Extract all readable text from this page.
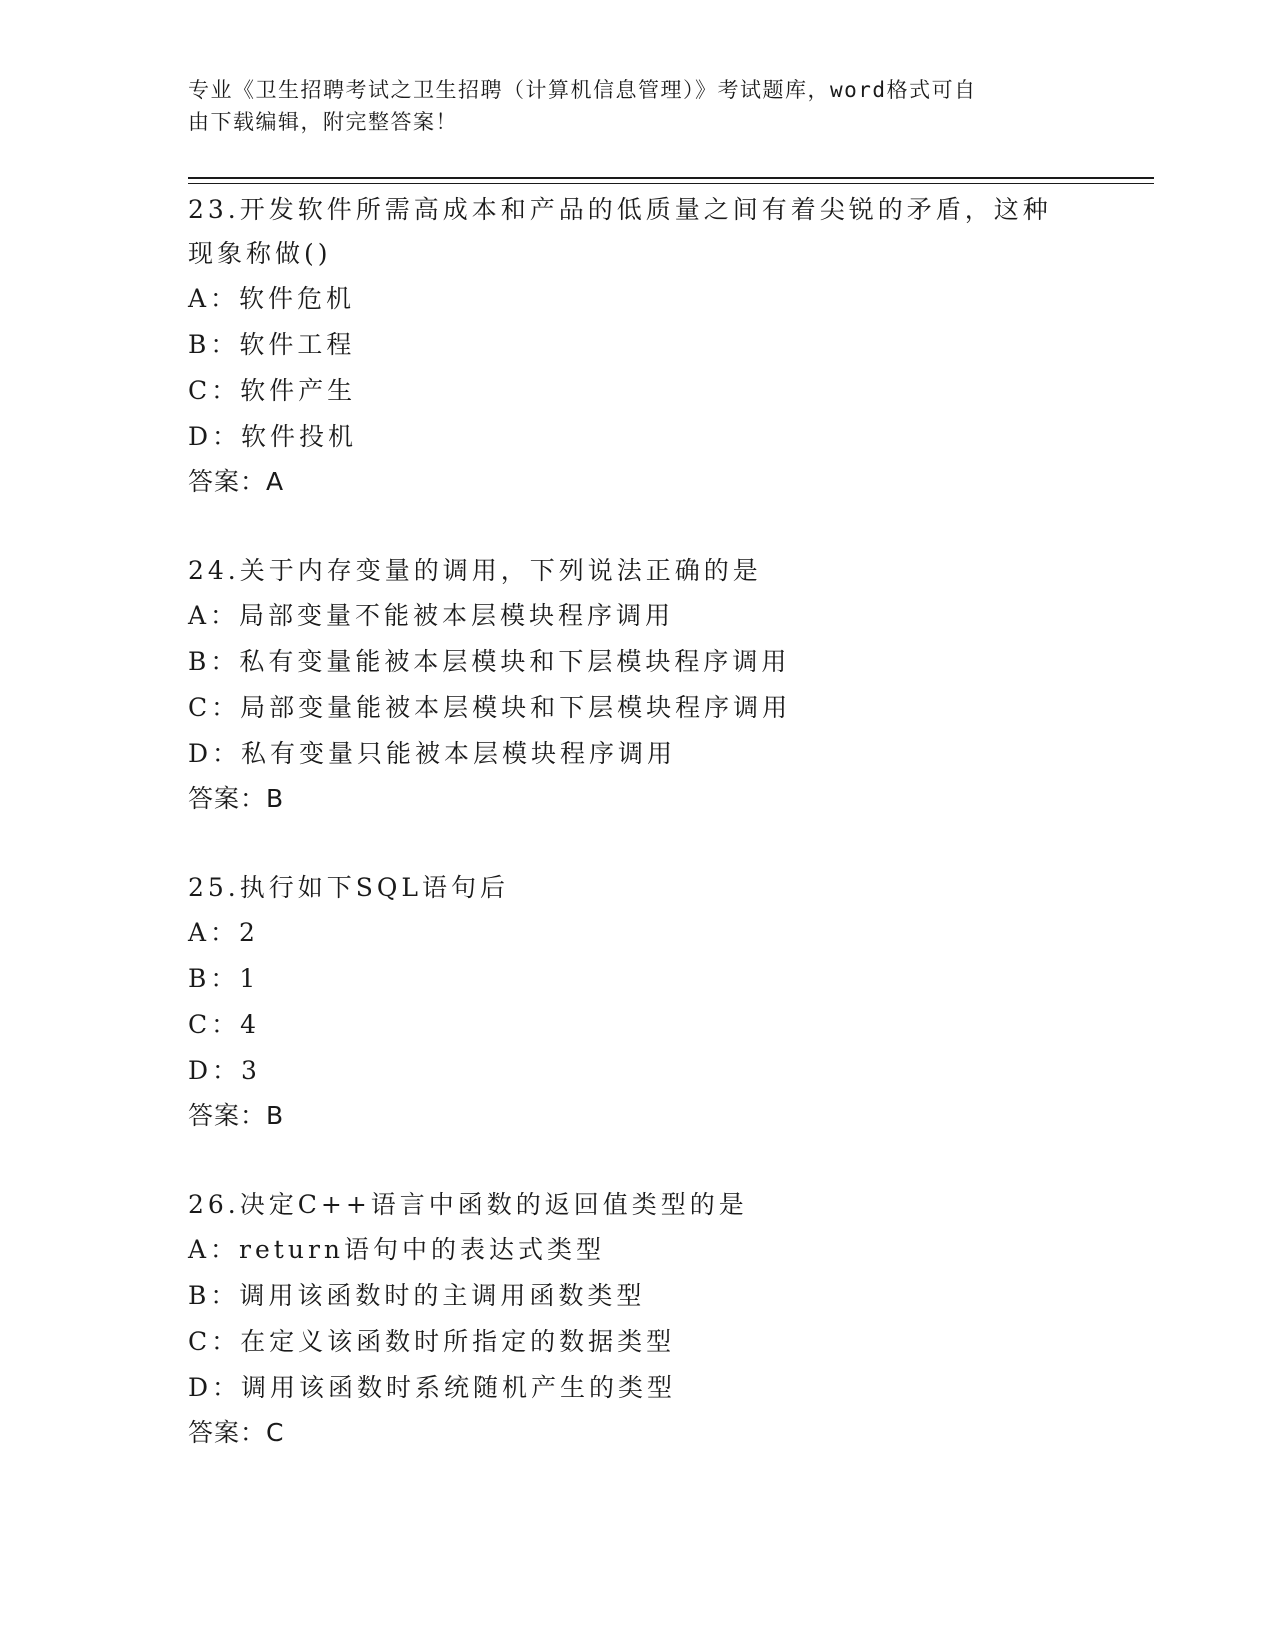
专业《卫生招聘考试之卫生招聘（计算机信息管理）》考试题库，word格式可自
由下载编辑，附完整答案！
23.开发软件所需高成本和产品的低质量之间有着尖锐的矛盾，这种现象称做()
A：软件危机
B：软件工程
C：软件产生
D：软件投机
答案：A
24.关于内存变量的调用，下列说法正确的是
A：局部变量不能被本层模块程序调用
B：私有变量能被本层模块和下层模块程序调用
C：局部变量能被本层模块和下层模块程序调用
D：私有变量只能被本层模块程序调用
答案：B
25.执行如下SQL语句后
A：2
B：1
C：4
D：3
答案：B
26.决定C++语言中函数的返回值类型的是
A：return语句中的表达式类型
B：调用该函数时的主调用函数类型
C：在定义该函数时所指定的数据类型
D：调用该函数时系统随机产生的类型
答案：C
